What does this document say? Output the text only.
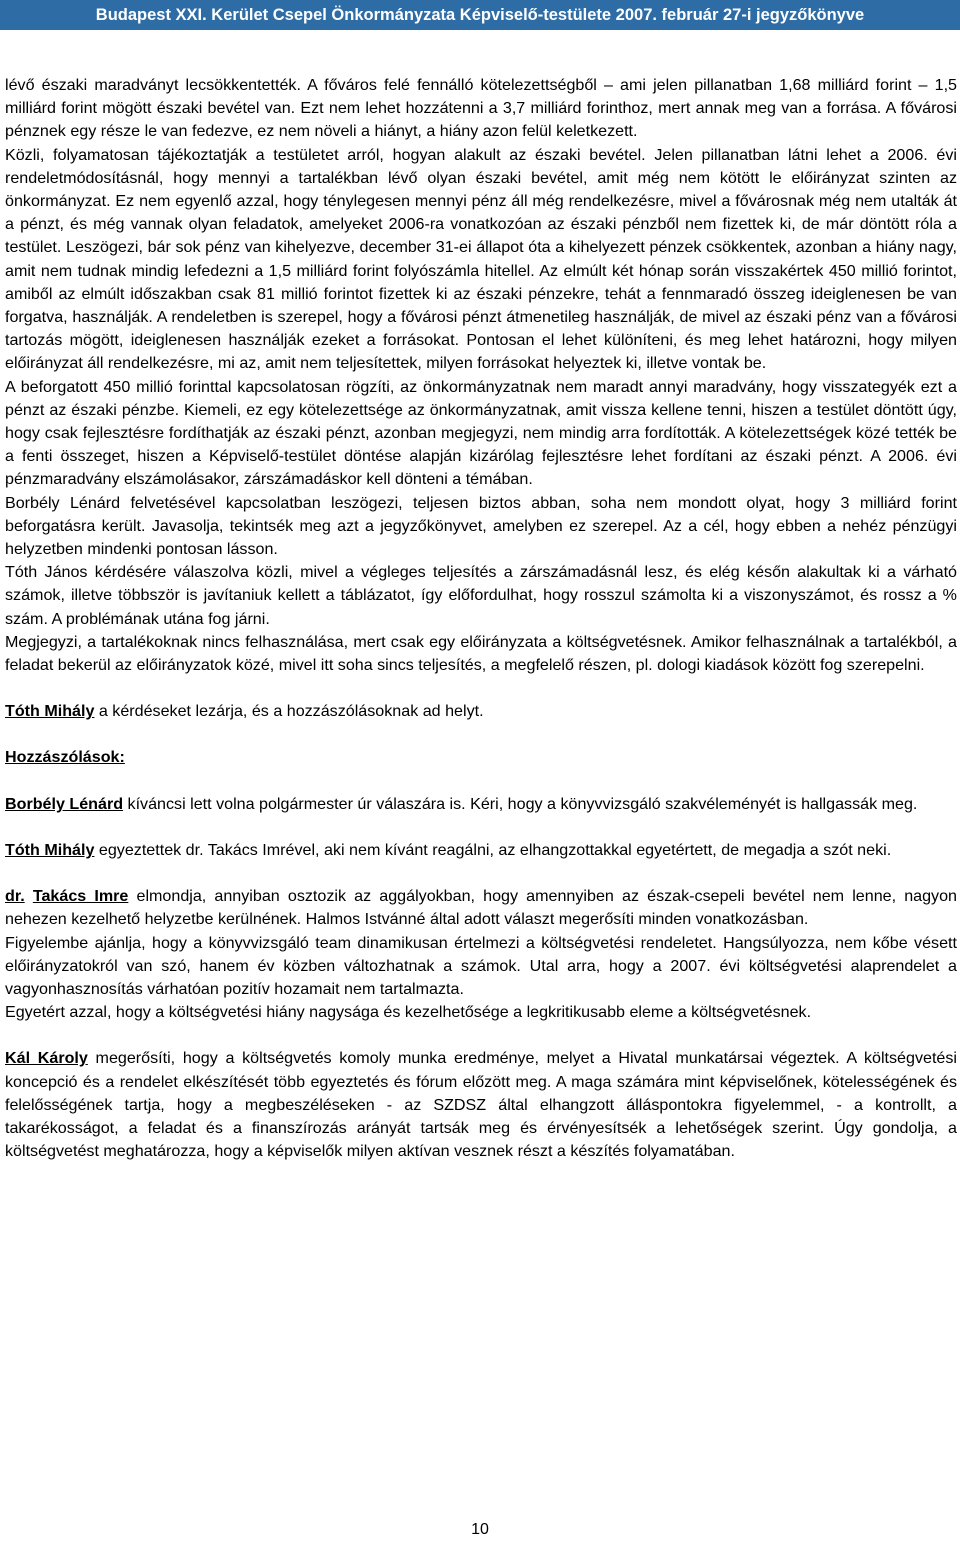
Budapest XXI. Kerület Csepel Önkormányzata Képviselő-testülete 2007. február 27-i jegyzőkönyve

lévő északi maradványt lecsökkentették. A főváros felé fennálló kötelezettségből – ami jelen pillanatban 1,68 milliárd forint – 1,5 milliárd forint mögött északi bevétel van. Ezt nem lehet hozzátenni a 3,7 milliárd forinthoz, mert annak meg van a forrása. A fővárosi pénznek egy része le van fedezve, ez nem növeli a hiányt, a hiány azon felül keletkezett.

Közli, folyamatosan tájékoztatják a testületet arról, hogyan alakult az északi bevétel. Jelen pillanatban látni lehet a 2006. évi rendeletmódosításnál, hogy mennyi a tartalékban lévő olyan északi bevétel, amit még nem kötött le előirányzat szinten az önkormányzat. Ez nem egyenlő azzal, hogy ténylegesen mennyi pénz áll még rendelkezésre, mivel a fővárosnak még nem utalták át a pénzt, és még vannak olyan feladatok, amelyeket 2006-ra vonatkozóan az északi pénzből nem fizettek ki, de már döntött róla a testület. Leszögezi, bár sok pénz van kihelyezve, december 31-ei állapot óta a kihelyezett pénzek csökkentek, azonban a hiány nagy, amit nem tudnak mindig lefedezni a 1,5 milliárd forint folyószámla hitellel. Az elmúlt két hónap során visszakértek 450 millió forintot, amiből az elmúlt időszakban csak 81 millió forintot fizettek ki az északi pénzekre, tehát a fennmaradó összeg ideiglenesen be van forgatva, használják. A rendeletben is szerepel, hogy a fővárosi pénzt átmenetileg használják, de mivel az északi pénz van a fővárosi tartozás mögött, ideiglenesen használják ezeket a forrásokat. Pontosan el lehet különíteni, és meg lehet határozni, hogy milyen előirányzat áll rendelkezésre, mi az, amit nem teljesítettek, milyen forrásokat helyeztek ki, illetve vontak be.

A beforgatott 450 millió forinttal kapcsolatosan rögzíti, az önkormányzatnak nem maradt annyi maradvány, hogy visszategyék ezt a pénzt az északi pénzbe. Kiemeli, ez egy kötelezettsége az önkormányzatnak, amit vissza kellene tenni, hiszen a testület döntött úgy, hogy csak fejlesztésre fordíthatják az északi pénzt, azonban megjegyzi, nem mindig arra fordították. A kötelezettségek közé tették be a fenti összeget, hiszen a Képviselő-testület döntése alapján kizárólag fejlesztésre lehet fordítani az északi pénzt. A 2006. évi pénzmaradvány elszámolásakor, zárszámadáskor kell dönteni a témában.

Borbély Lénárd felvetésével kapcsolatban leszögezi, teljesen biztos abban, soha nem mondott olyat, hogy 3 milliárd forint beforgatásra került. Javasolja, tekintsék meg azt a jegyzőkönyvet, amelyben ez szerepel. Az a cél, hogy ebben a nehéz pénzügyi helyzetben mindenki pontosan lásson.

Tóth János kérdésére válaszolva közli, mivel a végleges teljesítés a zárszámadásnál lesz, és elég későn alakultak ki a várható számok, illetve többször is javítaniuk kellett a táblázatot, így előfordulhat, hogy rosszul számolta ki a viszonyszámot, és rossz a % szám. A problémának utána fog járni.

Megjegyzi, a tartalékoknak nincs felhasználása, mert csak egy előirányzata a költségvetésnek. Amikor felhasználnak a tartalékból, a feladat bekerül az előirányzatok közé, mivel itt soha sincs teljesítés, a megfelelő részen, pl. dologi kiadások között fog szerepelni.

Tóth Mihály a kérdéseket lezárja, és a hozzászólásoknak ad helyt.

Hozzászólások:

Borbély Lénárd kíváncsi lett volna polgármester úr válaszára is. Kéri, hogy a könyvvizsgáló szakvéleményét is hallgassák meg.

Tóth Mihály egyeztettek dr. Takács Imrével, aki nem kívánt reagálni, az elhangzottakkal egyetértett, de megadja a szót neki.

dr. Takács Imre elmondja, annyiban osztozik az aggályokban, hogy amennyiben az észak-csepeli bevétel nem lenne, nagyon nehezen kezelhető helyzetbe kerülnének. Halmos Istvánné által adott választ megerősíti minden vonatkozásban.

Figyelembe ajánlja, hogy a könyvvizsgáló team dinamikusan értelmezi a költségvetési rendeletet. Hangsúlyozza, nem kőbe vésett előirányzatokról van szó, hanem év közben változhatnak a számok. Utal arra, hogy a 2007. évi költségvetési alaprendelet a vagyonhasznosítás várhatóan pozitív hozamait nem tartalmazta.

Egyetért azzal, hogy a költségvetési hiány nagysága és kezelhetősége a legkritikusabb eleme a költségvetésnek.

Kál Károly megerősíti, hogy a költségvetés komoly munka eredménye, melyet a Hivatal munkatársai végeztek. A költségvetési koncepció és a rendelet elkészítését több egyeztetés és fórum előzött meg. A maga számára mint képviselőnek, kötelességének és felelősségének tartja, hogy a megbeszéléseken - az SZDSZ által elhangzott álláspontokra figyelemmel, - a kontrollt, a takarékosságot, a feladat és a finanszírozás arányát tartsák meg és érvényesítsék a lehetőségek szerint. Úgy gondolja, a költségvetést meghatározza, hogy a képviselők milyen aktívan vesznek részt a készítés folyamatában.

10
